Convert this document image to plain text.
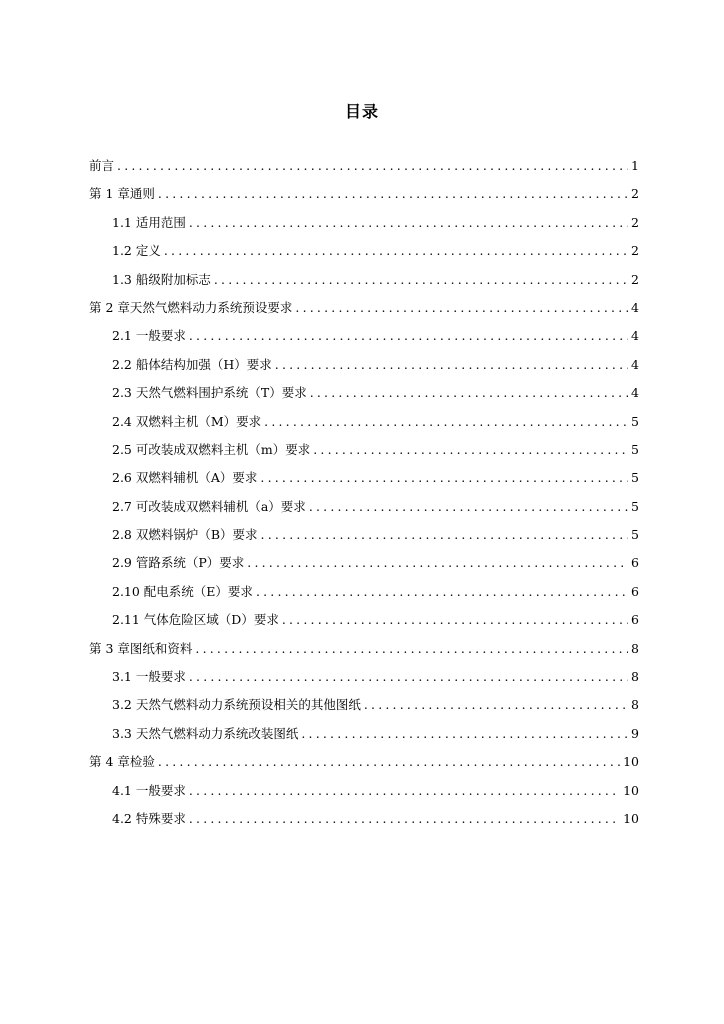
目录
前言 .....	1
第 1 章通则 .....	2
1.1 适用范围 .....	2
1.2 定义 .....	2
1.3 船级附加标志 .....	2
第 2 章天然气燃料动力系统预设要求 .....	4
2.1 一般要求 .....	4
2.2 船体结构加强（H）要求 .....	4
2.3 天然气燃料围护系统（T）要求 .....	4
2.4 双燃料主机（M）要求 .....	5
2.5 可改装成双燃料主机（m）要求 .....	5
2.6 双燃料辅机（A）要求 .....	5
2.7 可改装成双燃料辅机（a）要求 .....	5
2.8 双燃料锅炉（B）要求 .....	5
2.9 管路系统（P）要求 .....	6
2.10 配电系统（E）要求 .....	6
2.11 气体危险区域（D）要求 .....	6
第 3 章图纸和资料 .....	8
3.1 一般要求 .....	8
3.2 天然气燃料动力系统预设相关的其他图纸 .....	8
3.3 天然气燃料动力系统改装图纸 .....	9
第 4 章检验 .....	10
4.1 一般要求 .....	10
4.2 特殊要求 .....	10
